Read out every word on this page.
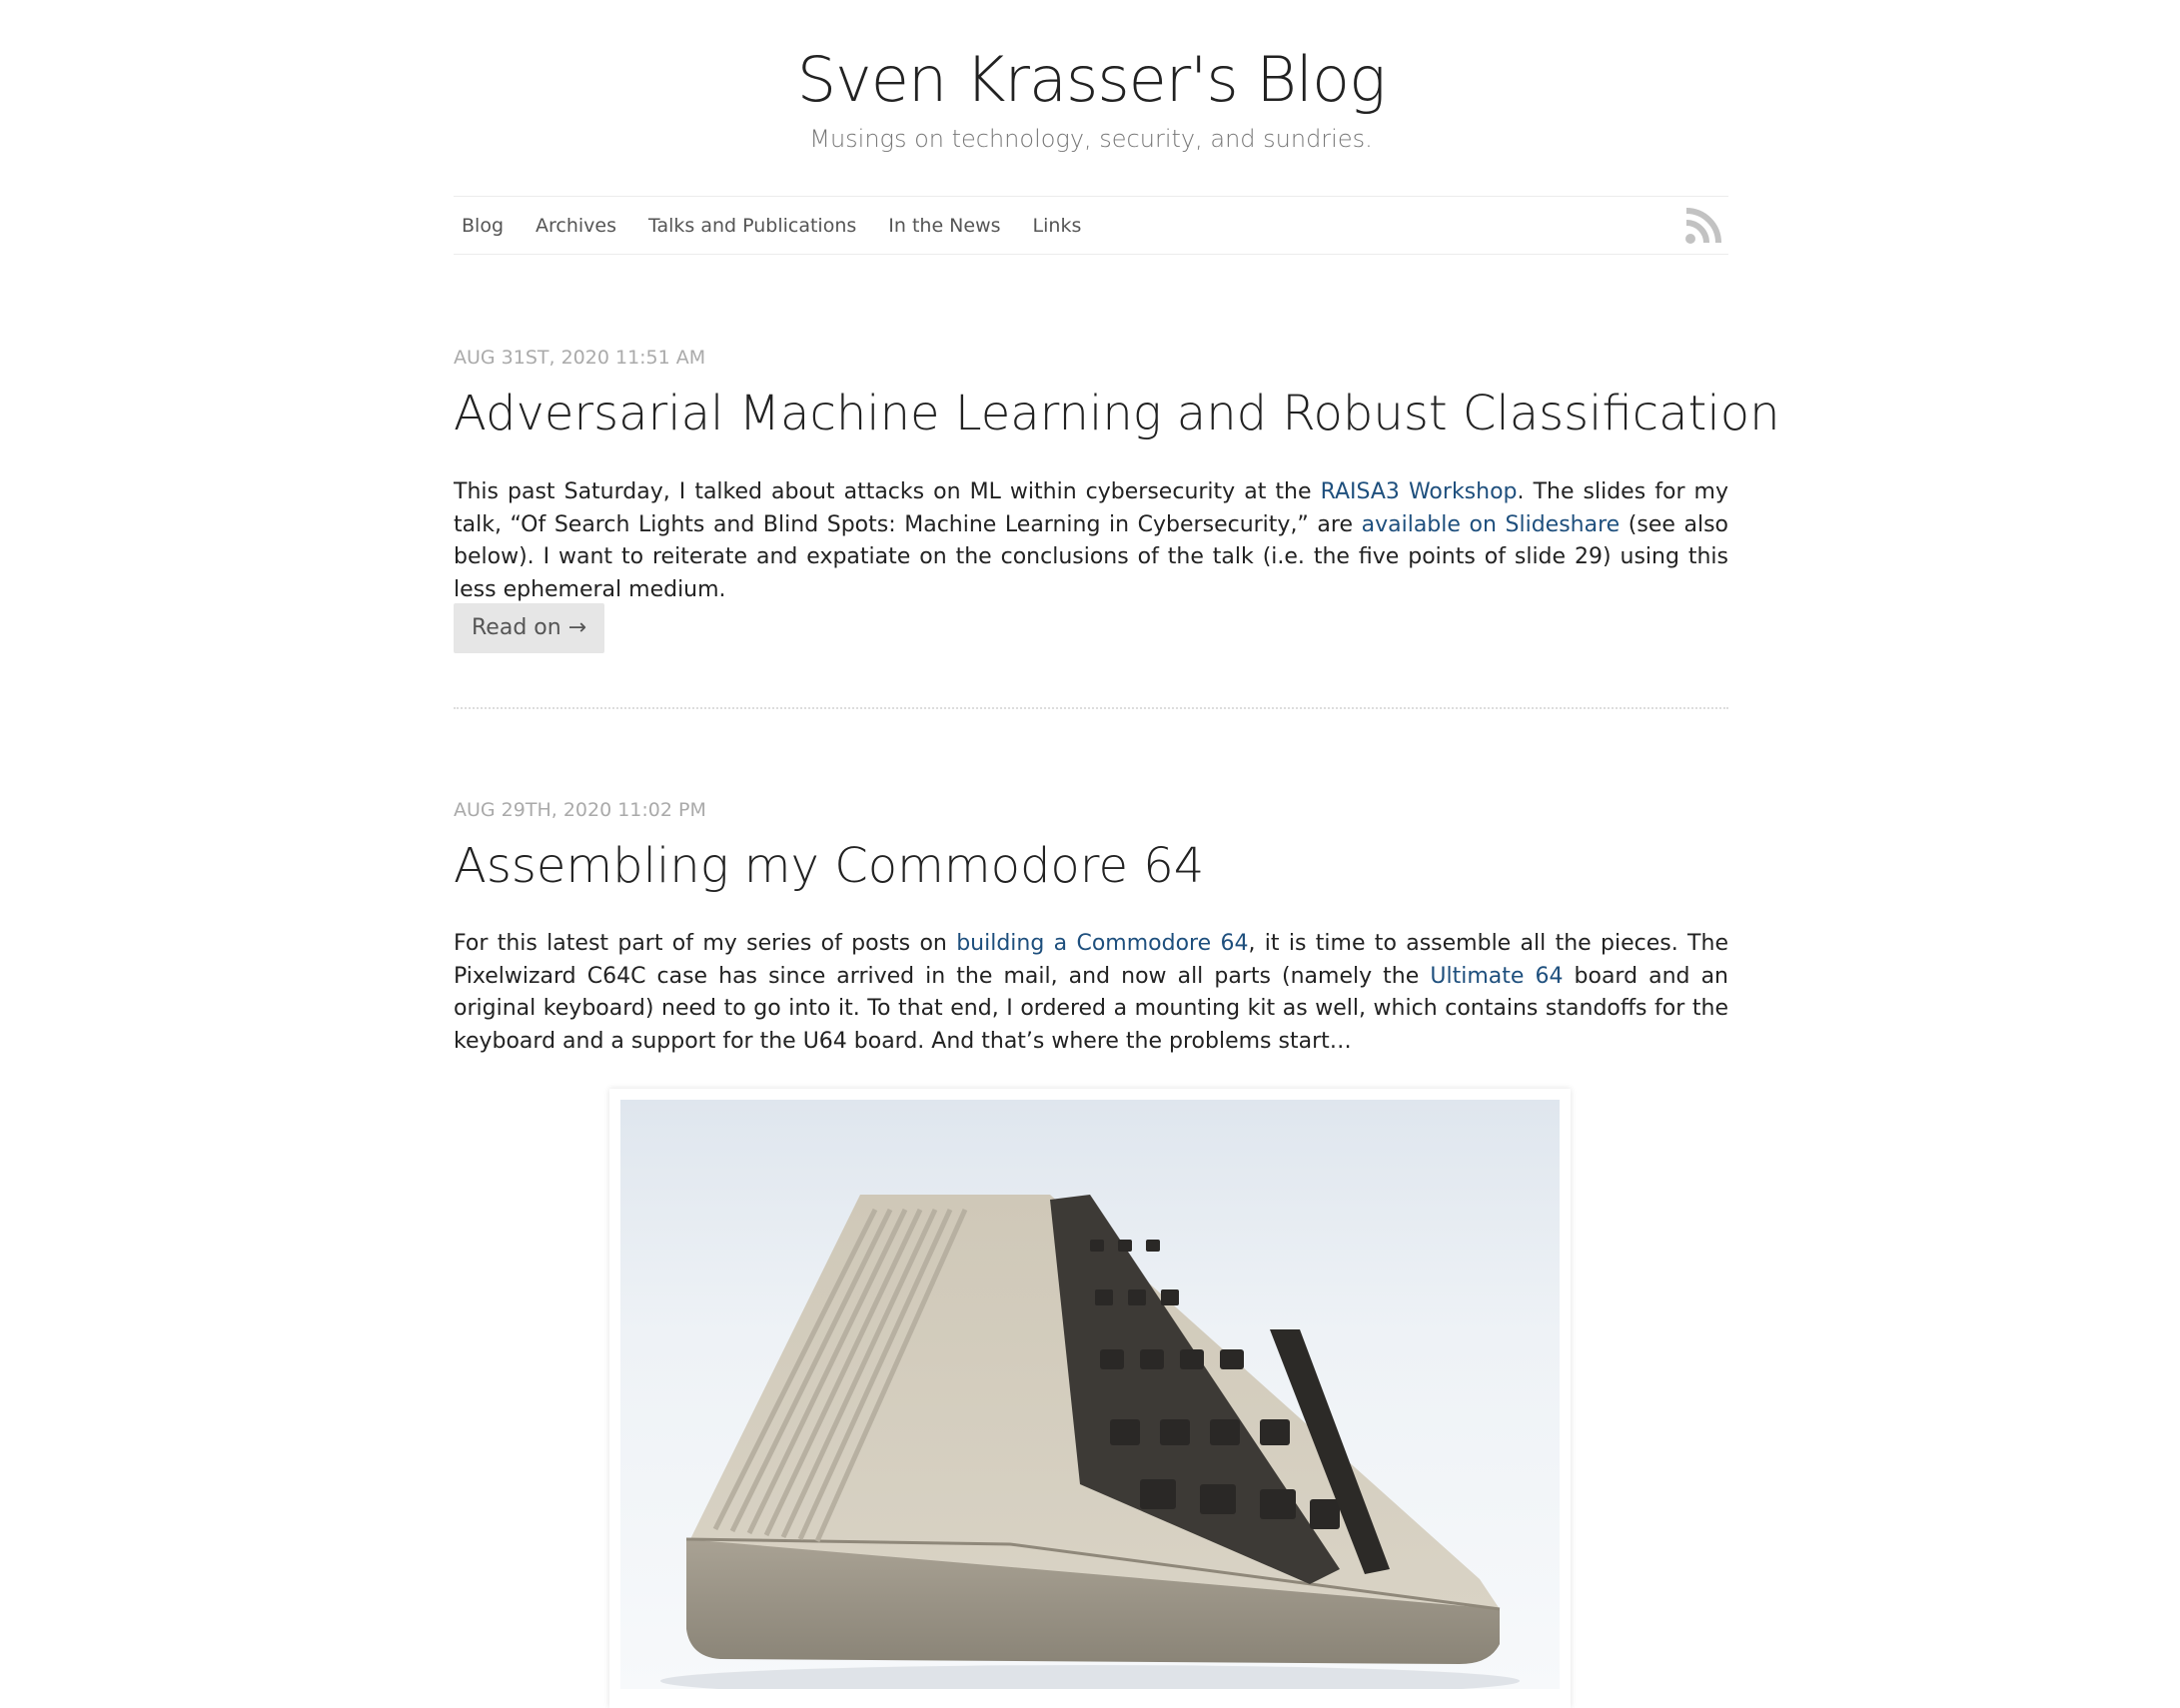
Sven Krasser's Blog
Musings on technology, security, and sundries.
Blog Archives Talks and Publications In the News Links
AUG 31ST, 2020 11:51 AM
Adversarial Machine Learning and Robust Classification
This past Saturday, I talked about attacks on ML within cybersecurity at the RAISA3 Workshop. The slides for my talk, “Of Search Lights and Blind Spots: Machine Learning in Cybersecurity,” are available on Slideshare (see also below). I want to reiterate and expatiate on the conclusions of the talk (i.e. the five points of slide 29) using this less ephemeral medium.
Read on →
AUG 29TH, 2020 11:02 PM
Assembling my Commodore 64
For this latest part of my series of posts on building a Commodore 64, it is time to assemble all the pieces. The Pixelwizard C64C case has since arrived in the mail, and now all parts (namely the Ultimate 64 board and an original keyboard) need to go into it. To that end, I ordered a mounting kit as well, which contains standoffs for the keyboard and a support for the U64 board. And that’s where the problems start…
